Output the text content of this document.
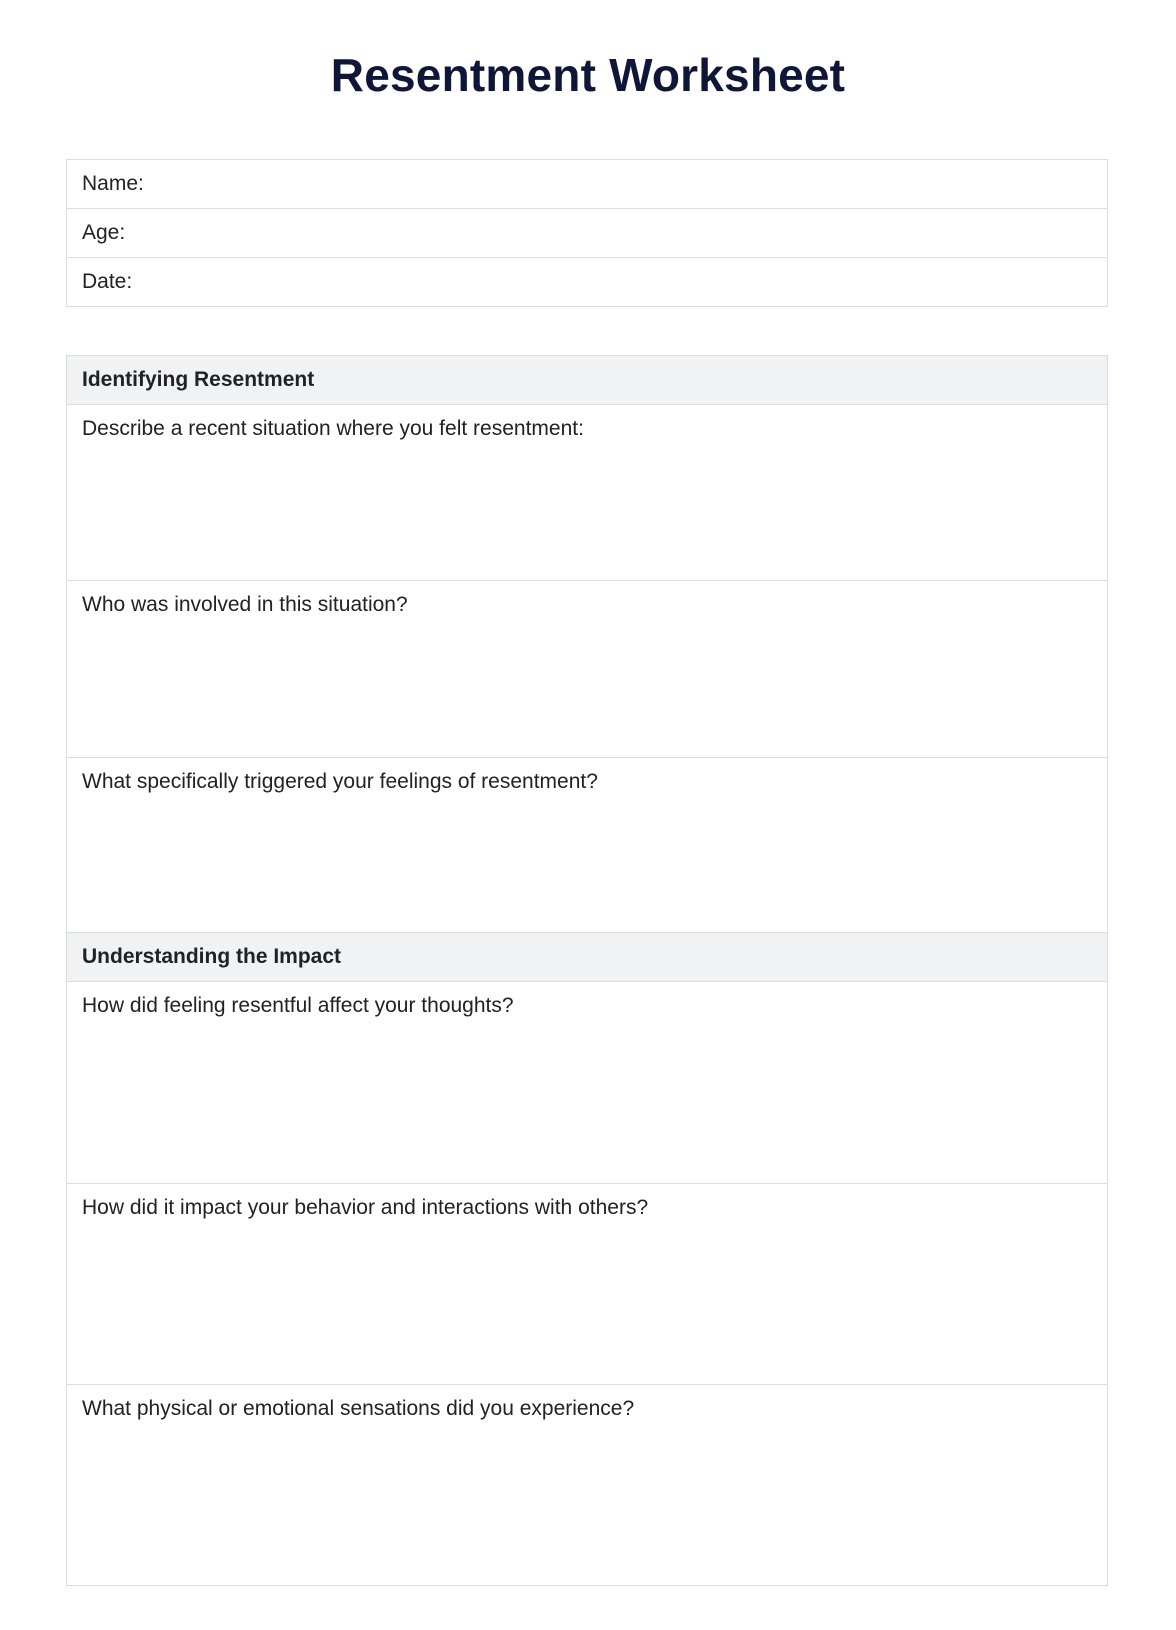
Resentment Worksheet
Name:
Age:
Date:
Identifying Resentment
Describe a recent situation where you felt resentment:
Who was involved in this situation?
What specifically triggered your feelings of resentment?
Understanding the Impact
How did feeling resentful affect your thoughts?
How did it impact your behavior and interactions with others?
What physical or emotional sensations did you experience?
